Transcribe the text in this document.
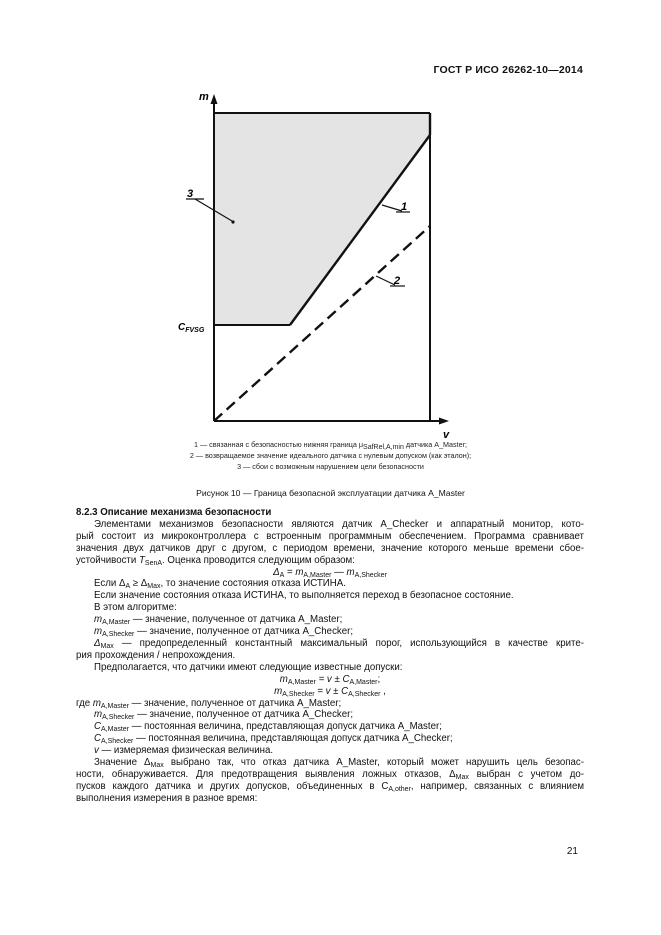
ГОСТ Р ИСО 26262-10—2014
m
v
$C_{FVSG}$
1
2
3
1 — связанная с безопасностью нижняя граница $\mu_{SafRel,A,min}$ датчика A_Master;
2 — возвращаемое значение идеального датчика с нулевым допуском (как эталон);
3 — сбои с возможным нарушением цели безопасности
Рисунок 10 — Граница безопасной эксплуатации датчика A_Master

8.2.3 Описание механизма безопасности

Элементами механизмов безопасности являются датчик A_Checker и аппаратный монитор, кото-

рый состоит из микроконтроллера с встроенным программным обеспечением. Программа сравнивает

значения двух датчиков друг с другом, с периодом времени, значение которого меньше времени сбое-

устойчивости $T_{SenA}$. Оценка проводится следующим образом:

$\Delta_A = m_{A,Master}$ — $m_{A,Shecker}$

Если $\Delta_A \ge \Delta_{Max}$, то значение состояния отказа ИСТИНА.

Если значение состояния отказа ИСТИНА, то выполняется переход в безопасное состояние.

В этом алгоритме:

$m_{A,Master}$ — значение, полученное от датчика A_Master;

$m_{A,Shecker}$ — значение, полученное от датчика A_Checker;

$\Delta_{Max}$ — предопределенный константный максимальный порог, использующийся в качестве крите-

рия прохождения / непрохождения.

Предполагается, что датчики имеют следующие известные допуски:

$m_{A,Master} = v \pm C_{A,Master}$;

$m_{A,Shecker} = v \pm C_{A,Shecker}$ ,

где $m_{A,Master}$ — значение, полученное от датчика A_Master;

$m_{A,Shecker}$ — значение, полученное от датчика A_Checker;

$C_{A,Master}$ — постоянная величина, представляющая допуск датчика A_Master;

$C_{A,Shecker}$ — постоянная величина, представляющая допуск датчика A_Checker;

v — измеряемая физическая величина.

Значение $\Delta_{Max}$ выбрано так, что отказ датчика A_Master, который может нарушить цель безопас-

ности, обнаруживается. Для предотвращения выявления ложных отказов, $\Delta_{Max}$ выбран с учетом до-

пусков каждого датчика и других допусков, объединенных в $C_{A,other}$, например, связанных с влиянием

выполнения измерения в разное время:

21
